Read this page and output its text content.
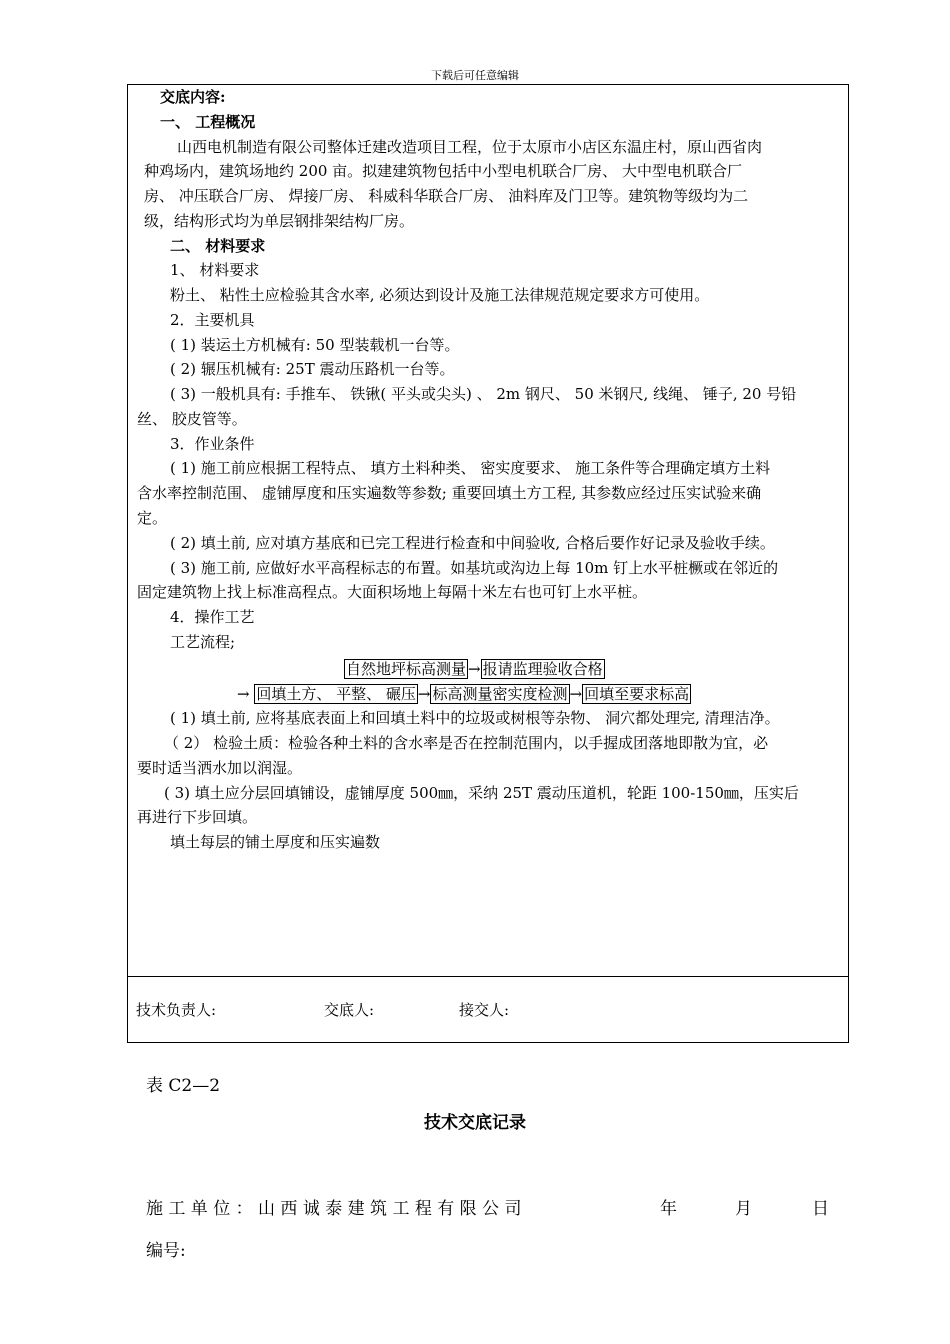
下载后可任意编辑
交底内容:
一、 工程概况
山西电机制造有限公司整体迁建改造项目工程，位于太原市小店区东温庄村，原山西省肉
种鸡场内，建筑场地约 200 亩。拟建建筑物包括中小型电机联合厂房、 大中型电机联合厂
房、 冲压联合厂房、 焊接厂房、 科威科华联合厂房、 油料库及门卫等。建筑物等级均为二
级，结构形式均为单层钢排架结构厂房。
二、 材料要求
1、 材料要求
粉土、 粘性土应检验其含水率, 必须达到设计及施工法律规范规定要求方可使用。
2．主要机具
( 1) 装运土方机械有: 50 型装载机一台等。
( 2) 辗压机械有: 25T 震动压路机一台等。
( 3) 一般机具有: 手推车、 铁锹( 平头或尖头) 、 2m 钢尺、 50 米钢尺, 线绳、 锤子, 20 号铅
丝、 胶皮管等。
3．作业条件
( 1) 施工前应根据工程特点、 填方土料种类、 密实度要求、 施工条件等合理确定填方土料
含水率控制范围、 虚铺厚度和压实遍数等参数; 重要回填土方工程, 其参数应经过压实试验来确
定。
( 2) 填土前, 应对填方基底和已完工程进行检查和中间验收, 合格后要作好记录及验收手续。
( 3) 施工前, 应做好水平高程标志的布置。如基坑或沟边上每 10m 钉上水平桩橛或在邻近的
固定建筑物上找上标准高程点。大面积场地上每隔十米左右也可钉上水平桩。
4．操作工艺
工艺流程;
自然地坪标高测量 → 报请监理验收合格
→ 回填土方、 平整、 碾压 → 标高测量密实度检测 → 回填至要求标高
( 1) 填土前, 应将基底表面上和回填土料中的垃圾或树根等杂物、 洞穴都处理完, 清理洁净。
（ 2） 检验土质：检验各种土料的含水率是否在控制范围内，以手握成团落地即散为宜，必
要时适当洒水加以润湿。
( 3) 填土应分层回填铺设，虚铺厚度 500㎜，采纳 25T 震动压道机，轮距 100-150㎜，压实后
再进行下步回填。
填土每层的铺土厚度和压实遍数
技术负责人:	交底人:	接交人:
表 C2—2
技术交底记录
施 工 单 位 ： 山 西 诚 泰 建 筑 工 程 有 限 公 司	年	月	日
编号:
